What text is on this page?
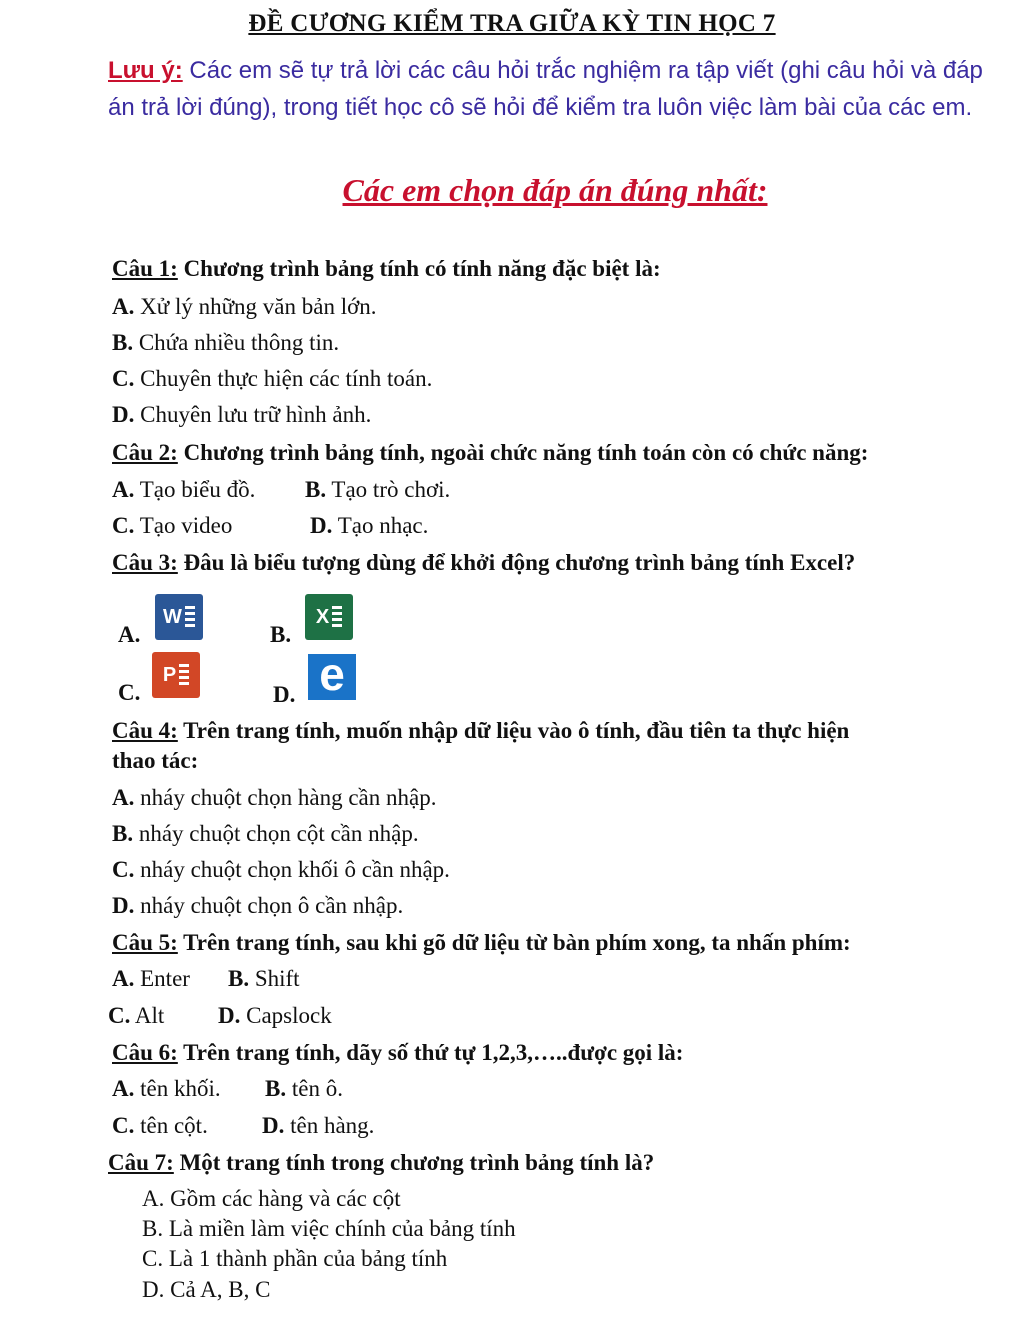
ĐỀ CƯƠNG KIỂM TRA GIỮA KỲ TIN HỌC 7
Lưu ý: Các em sẽ tự trả lời các câu hỏi trắc nghiệm ra tập viết (ghi câu hỏi và đáp án trả lời đúng), trong tiết học cô sẽ hỏi để kiểm tra luôn việc làm bài của các em.
Các em chọn đáp án đúng nhất:
Câu 1: Chương trình bảng tính có tính năng đặc biệt là:
A. Xử lý những văn bản lớn.
B. Chứa nhiều thông tin.
C. Chuyên thực hiện các tính toán.
D. Chuyên lưu trữ hình ảnh.
Câu 2: Chương trình bảng tính, ngoài chức năng tính toán còn có chức năng:
A. Tạo biểu đồ. B. Tạo trò chơi.
C. Tạo video	D. Tạo nhạc.
Câu 3: Đâu là biểu tượng dùng để khởi động chương trình bảng tính Excel?
A.
W
B.
X
C.
P
D. e
Câu 4: Trên trang tính, muốn nhập dữ liệu vào ô tính, đầu tiên ta thực hiện
thao tác:
A. nháy chuột chọn hàng cần nhập.
B. nháy chuột chọn cột cần nhập.
C. nháy chuột chọn khối ô cần nhập.
D. nháy chuột chọn ô cần nhập.
Câu 5: Trên trang tính, sau khi gõ dữ liệu từ bàn phím xong, ta nhấn phím:
A. Enter B. Shift
C. Alt D. Capslock
Câu 6: Trên trang tính, dãy số thứ tự 1,2,3,…..được gọi là:
A. tên khối. B. tên ô.
C. tên cột. D. tên hàng.
Câu 7: Một trang tính trong chương trình bảng tính là?
A. Gồm các hàng và các cột
B. Là miền làm việc chính của bảng tính
C. Là 1 thành phần của bảng tính
D. Cả A, B, C
